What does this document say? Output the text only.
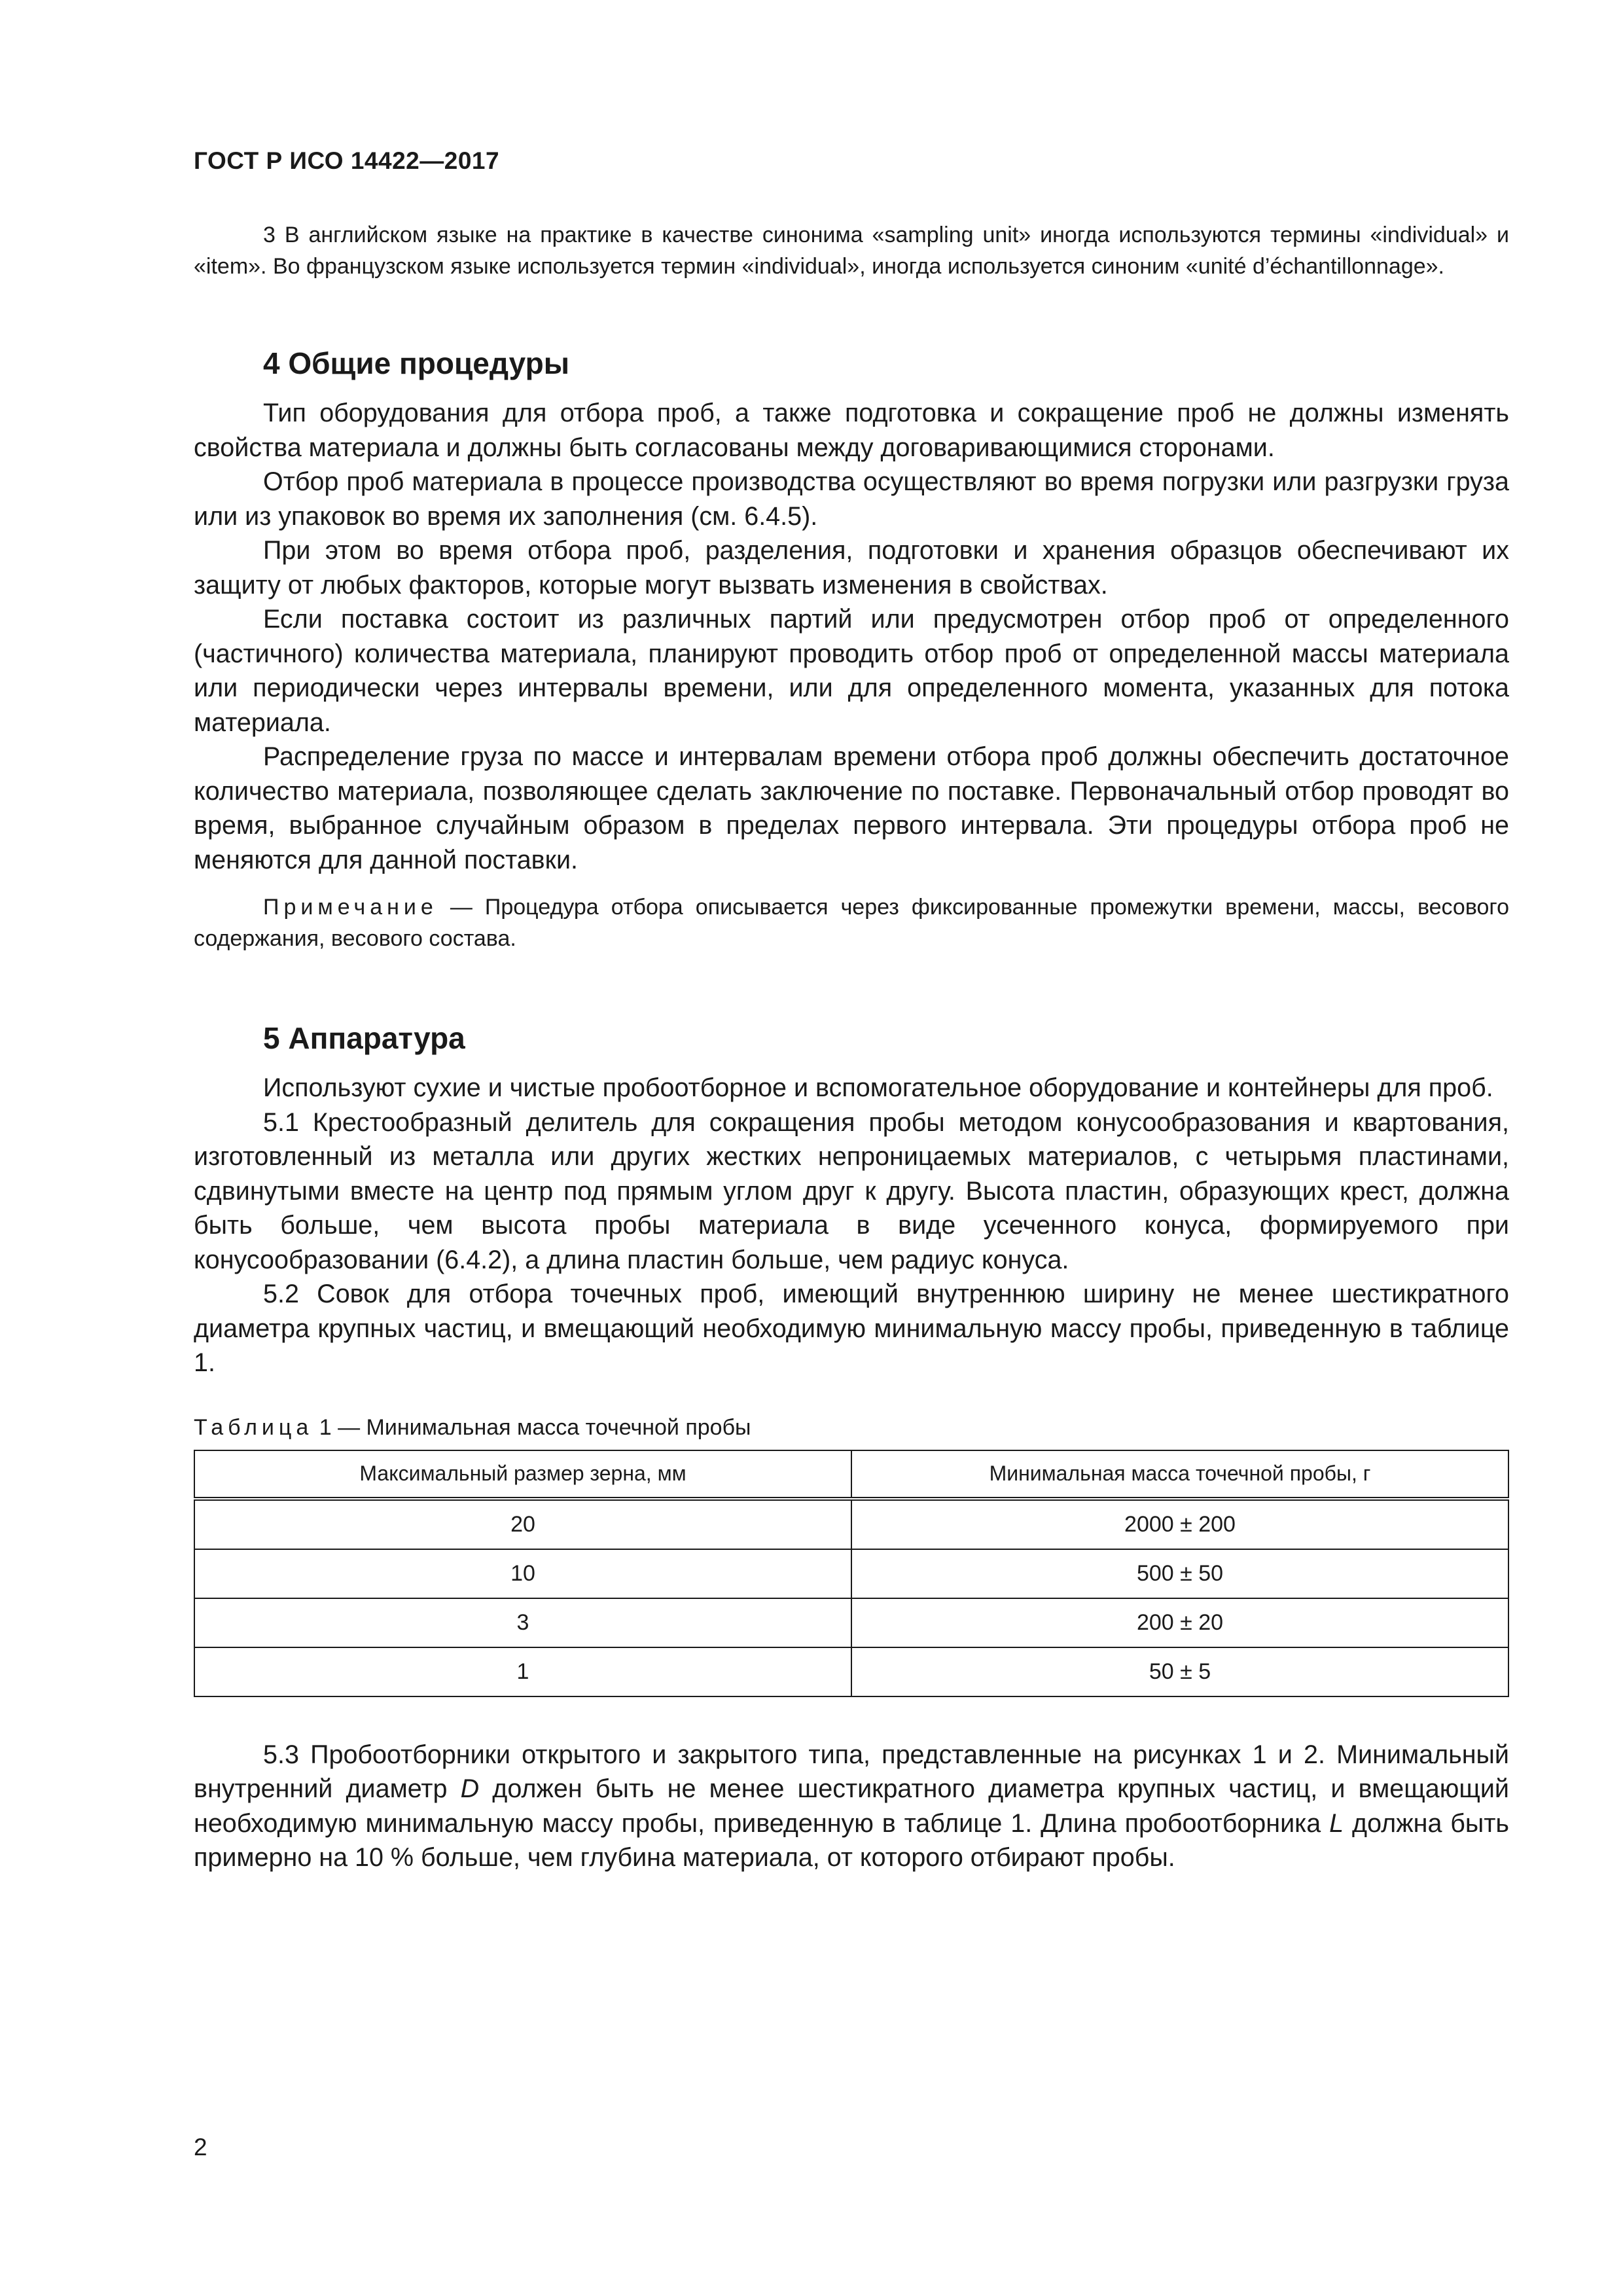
ГОСТ Р ИСО 14422—2017

3 В английском языке на практике в качестве синонима «sampling unit» иногда используются термины «individual» и «item». Во французском языке используется термин «individual», иногда используется синоним «unité d’échantillonnage».

4 Общие процедуры

Тип оборудования для отбора проб, а также подготовка и сокращение проб не должны изменять свойства материала и должны быть согласованы между договаривающимися сторонами.

Отбор проб материала в процессе производства осуществляют во время погрузки или разгрузки груза или из упаковок во время их заполнения (см. 6.4.5).

При этом во время отбора проб, разделения, подготовки и хранения образцов обеспечивают их защиту от любых факторов, которые могут вызвать изменения в свойствах.

Если поставка состоит из различных партий или предусмотрен отбор проб от определенного (частичного) количества материала, планируют проводить отбор проб от определенной массы материала или периодически через интервалы времени, или для определенного момента, указанных для потока материала.

Распределение груза по массе и интервалам времени отбора проб должны обеспечить достаточное количество материала, позволяющее сделать заключение по поставке. Первоначальный отбор проводят во время, выбранное случайным образом в пределах первого интервала. Эти процедуры отбора проб не меняются для данной поставки.

Примечание — Процедура отбора описывается через фиксированные промежутки времени, массы, весового содержания, весового состава.

5 Аппаратура

Используют сухие и чистые пробоотборное и вспомогательное оборудование и контейнеры для проб.

5.1 Крестообразный делитель для сокращения пробы методом конусообразования и квартования, изготовленный из металла или других жестких непроницаемых материалов, с четырьмя пластинами, сдвинутыми вместе на центр под прямым углом друг к другу. Высота пластин, образующих крест, должна быть больше, чем высота пробы материала в виде усеченного конуса, формируемого при конусообразовании (6.4.2), а длина пластин больше, чем радиус конуса.

5.2 Совок для отбора точечных проб, имеющий внутреннюю ширину не менее шестикратного диаметра крупных частиц, и вмещающий необходимую минимальную массу пробы, приведенную в таблице 1.

Таблица 1 — Минимальная масса точечной пробы

Максимальный размер зерна, мм	Минимальная масса точечной пробы, г
20	2000 ± 200
10	500 ± 50
3	200 ± 20
1	50 ± 5

5.3 Пробоотборники открытого и закрытого типа, представленные на рисунках 1 и 2. Минимальный внутренний диаметр D должен быть не менее шестикратного диаметра крупных частиц, и вмещающий необходимую минимальную массу пробы, приведенную в таблице 1. Длина пробоотборника L должна быть примерно на 10 % больше, чем глубина материала, от которого отбирают пробы.

2
